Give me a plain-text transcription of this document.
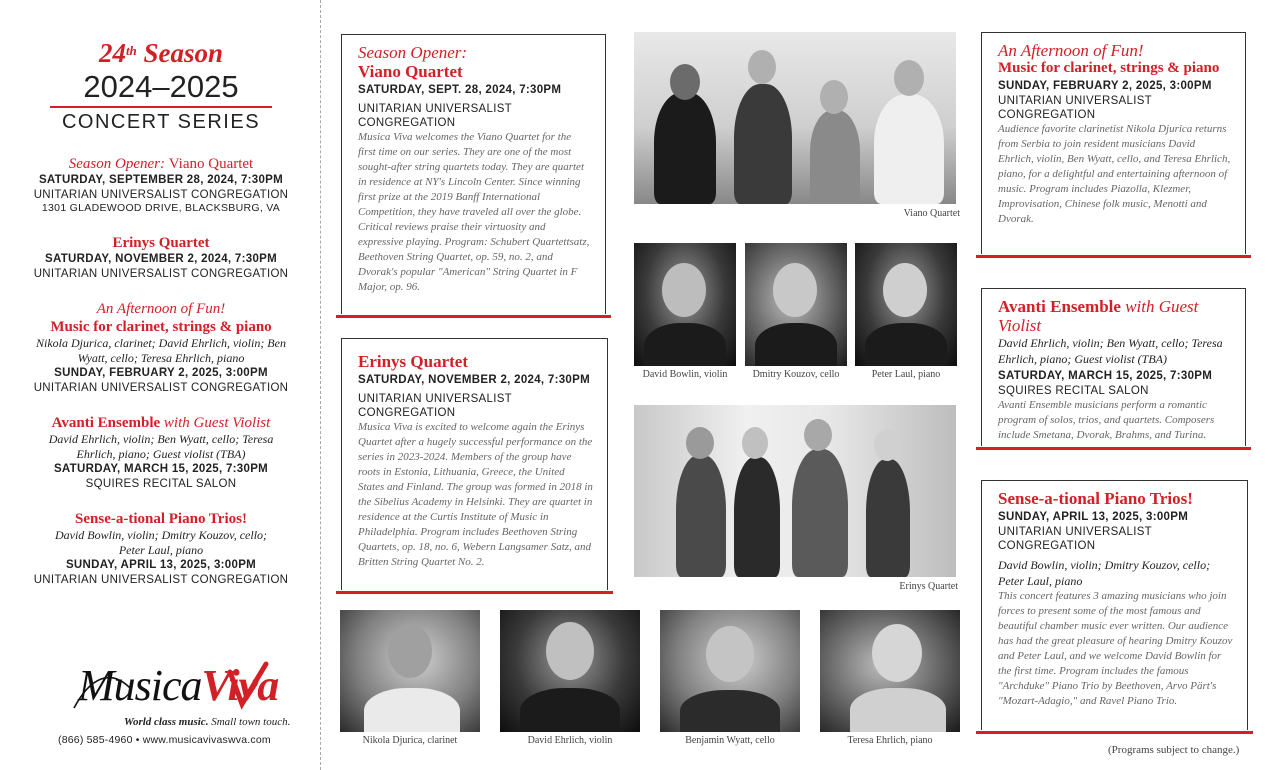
24th Season
2024–2025
CONCERT SERIES
Season Opener: Viano Quartet
SATURDAY, SEPTEMBER 28, 2024, 7:30PM
UNITARIAN UNIVERSALIST CONGREGATION
1301 GLADEWOOD DRIVE, BLACKSBURG, VA
Erinys Quartet
SATURDAY, NOVEMBER 2, 2024, 7:30PM
UNITARIAN UNIVERSALIST CONGREGATION
An Afternoon of Fun!
Music for clarinet, strings & piano
Nikola Djurica, clarinet; David Ehrlich, violin; Ben Wyatt, cello; Teresa Ehrlich, piano
SUNDAY, FEBRUARY 2, 2025, 3:00PM
UNITARIAN UNIVERSALIST CONGREGATION
Avanti Ensemble with Guest Violist
David Ehrlich, violin; Ben Wyatt, cello; Teresa Ehrlich, piano; Guest violist (TBA)
SATURDAY, MARCH 15, 2025, 7:30PM
SQUIRES RECITAL SALON
Sense-a-tional Piano Trios!
David Bowlin, violin; Dmitry Kouzov, cello; Peter Laul, piano
SUNDAY, APRIL 13, 2025, 3:00PM
UNITARIAN UNIVERSALIST CONGREGATION
MusicaViva
World class music. Small town touch.
(866) 585-4960 • www.musicavivaswva.com
Season Opener:
Viano Quartet
SATURDAY, SEPT. 28, 2024, 7:30PM
UNITARIAN UNIVERSALIST CONGREGATION
Musica Viva welcomes the Viano Quartet for the first time on our series. They are one of the most sought-after string quartets today. They are quartet in residence at NY's Lincoln Center. Since winning first prize at the 2019 Banff International Competition, they have traveled all over the globe. Critical reviews praise their virtuosity and expressive playing. Program: Schubert Quartettsatz, Beethoven String Quartet, op. 59, no. 2, and Dvorak's popular "American" String Quartet in F Major, op. 96.
Erinys Quartet
SATURDAY, NOVEMBER 2, 2024, 7:30PM
UNITARIAN UNIVERSALIST CONGREGATION
Musica Viva is excited to welcome again the Erinys Quartet after a hugely successful performance on the series in 2023-2024. Members of the group have roots in Estonia, Lithuania, Greece, the United States and Finland. The group was formed in 2018 in the Sibelius Academy in Helsinki. They are quartet in residence at the Curtis Institute of Music in Philadelphia. Program includes Beethoven String Quartets, op. 18, no. 6, Webern Langsamer Satz, and Britten String Quartet No. 2.
An Afternoon of Fun!
Music for clarinet, strings & piano
SUNDAY, FEBRUARY 2, 2025, 3:00PM
UNITARIAN UNIVERSALIST CONGREGATION
Audience favorite clarinetist Nikola Djurica returns from Serbia to join resident musicians David Ehrlich, violin, Ben Wyatt, cello, and Teresa Ehrlich, piano, for a delightful and entertaining afternoon of music. Program includes Piazolla, Klezmer, Improvisation, Chinese folk music, Menotti and Dvorak.
Avanti Ensemble with Guest Violist
David Ehrlich, violin; Ben Wyatt, cello; Teresa Ehrlich, piano; Guest violist (TBA)
SATURDAY, MARCH 15, 2025, 7:30PM
SQUIRES RECITAL SALON
Avanti Ensemble musicians perform a romantic program of solos, trios, and quartets. Composers include Smetana, Dvorak, Brahms, and Turina.
Sense-a-tional Piano Trios!
SUNDAY, APRIL 13, 2025, 3:00PM
UNITARIAN UNIVERSALIST CONGREGATION
David Bowlin, violin; Dmitry Kouzov, cello; Peter Laul, piano
This concert features 3 amazing musicians who join forces to present some of the most famous and beautiful chamber music ever written. Our audience has had the great pleasure of hearing Dmitry Kouzov and Peter Laul, and we welcome David Bowlin for the first time. Program includes the famous "Archduke" Piano Trio by Beethoven, Arvo Pärt's "Mozart-Adagio," and Ravel Piano Trio.
Viano Quartet
David Bowlin, violin	Dmitry Kouzov, cello	Peter Laul, piano
Erinys Quartet
Nikola Djurica, clarinet	David Ehrlich, violin	Benjamin Wyatt, cello	Teresa Ehrlich, piano
(Programs subject to change.)
